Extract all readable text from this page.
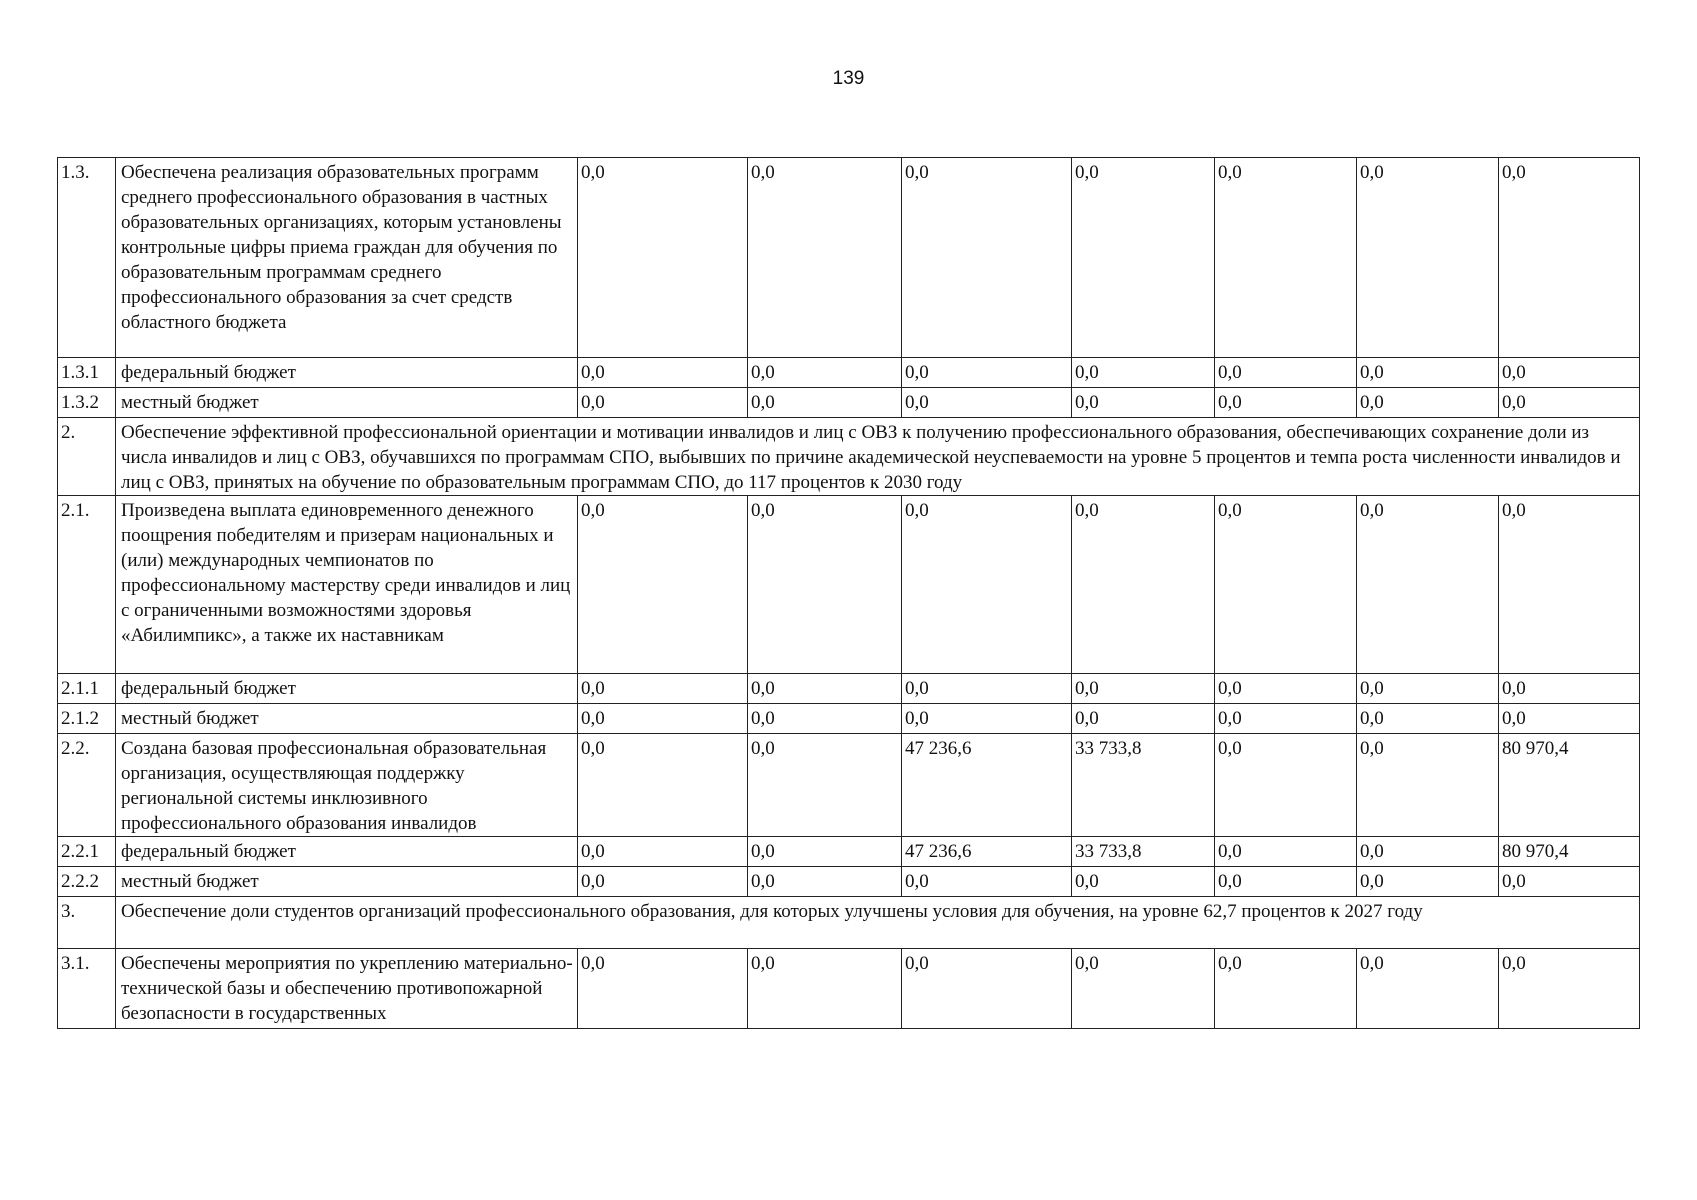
139
1.3.	Обеспечена реализация образовательных программ среднего профессионального образования в частных образовательных организациях, которым установлены контрольные цифры приема граждан для обучения по образовательным программам среднего профессионального образования за счет средств областного бюджета	0,0	0,0	0,0	0,0	0,0	0,0	0,0
1.3.1	федеральный бюджет	0,0	0,0	0,0	0,0	0,0	0,0	0,0
1.3.2	местный бюджет	0,0	0,0	0,0	0,0	0,0	0,0	0,0
2.	Обеспечение эффективной профессиональной ориентации и мотивации инвалидов и лиц с ОВЗ к получению профессионального образования, обеспечивающих сохранение доли из числа инвалидов и лиц с ОВЗ, обучавшихся по программам СПО, выбывших по причине академической неуспеваемости на уровне 5 процентов и темпа роста численности инвалидов и лиц с ОВЗ, принятых на обучение по образовательным программам СПО, до 117 процентов к 2030 году							
2.1.	Произведена выплата единовременного денежного поощрения победителям и призерам национальных и (или) международных чемпионатов по профессиональному мастерству среди инвалидов и лиц с ограниченными возможностями здоровья «Абилимпикс», а также их наставникам	0,0	0,0	0,0	0,0	0,0	0,0	0,0
2.1.1	федеральный бюджет	0,0	0,0	0,0	0,0	0,0	0,0	0,0
2.1.2	местный бюджет	0,0	0,0	0,0	0,0	0,0	0,0	0,0
2.2.	Создана базовая профессиональная образовательная организация, осуществляющая поддержку региональной системы инклюзивного профессионального образования инвалидов	0,0	0,0	47 236,6	33 733,8	0,0	0,0	80 970,4
2.2.1	федеральный бюджет	0,0	0,0	47 236,6	33 733,8	0,0	0,0	80 970,4
2.2.2	местный бюджет	0,0	0,0	0,0	0,0	0,0	0,0	0,0
3.	Обеспечение доли студентов организаций профессионального образования, для которых улучшены условия для обучения, на уровне 62,7 процентов к 2027 году							
3.1.	Обеспечены мероприятия по укреплению материально-технической базы и обеспечению противопожарной безопасности в государственных	0,0	0,0	0,0	0,0	0,0	0,0	0,0
